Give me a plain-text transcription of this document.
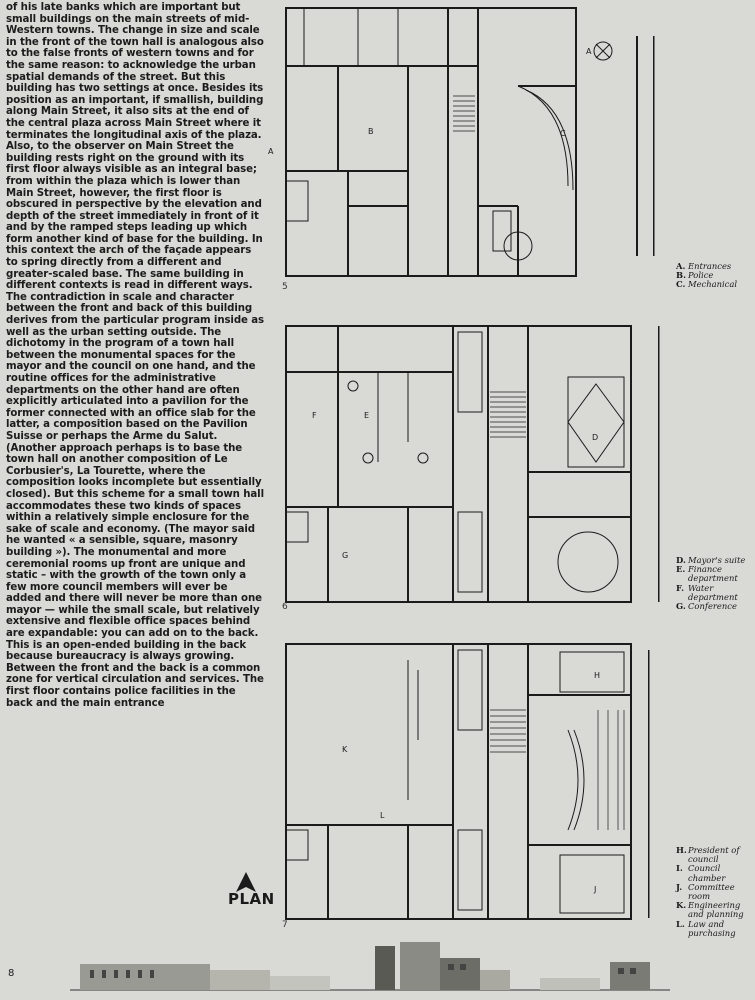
of his late banks which are important but small buildings on the main streets of mid-Western towns. The change in size and scale in the front of the town hall is analogous also to the false fronts of western towns and for the same reason: to acknowledge the urban spatial demands of the street. But this building has two settings at once. Besides its position as an important, if smallish, building along Main Street, it also sits at the end of the central plaza across Main Street where it terminates the longitudinal axis of the plaza. Also, to the observer on Main Street the building rests right on the ground with its first floor always visible as an integral base; from within the plaza which is lower than Main Street, however, the first floor is obscured in perspective by the elevation and depth of the street immediately in front of it and by the ramped steps leading up which form another kind of base for the building. In this context the arch of the façade appears to spring directly from a different and greater-scaled base. The same building in different contexts is read in different ways.

The contradiction in scale and character between the front and back of this building derives from the particular program inside as well as the urban setting outside. The dichotomy in the program of a town hall between the monumental spaces for the mayor and the council on one hand, and the routine offices for the administrative departments on the other hand are often explicitly articulated into a pavilion for the former connected with an office slab for the latter, a composition based on the Pavilion Suisse or perhaps the Arme du Salut. (Another approach perhaps is to base the town hall on another composition of Le Corbusier's, La Tourette, where the composition looks incomplete but essentially closed). But this scheme for a small town hall accommodates these two kinds of spaces within a relatively simple enclosure for the sake of scale and economy. (The mayor said he wanted « a sensible, square, masonry building »). The monumental and more ceremonial rooms up front are unique and static – with the growth of the town only a few more council members will ever be added and there will never be more than one mayor — while the small scale, but relatively extensive and flexible office spaces behind are expandable: you can add on to the back. This is an open-ended building in the back because bureaucracy is always growing. Between the front and the back is a common zone for vertical circulation and services. The first floor contains police facilities in the back and the main entrance

A
B	C
A
5
A. Entrances
B. Police
C. Mechanical
D
E
F
G
6
D. Mayor's suite
E. Finance department
F. Water department
G. Conference
H
J
K
L
7
H. President of council
I. Council chamber
J. Committee room
K. Engineering and planning
L. Law and purchasing
PLAN
8
